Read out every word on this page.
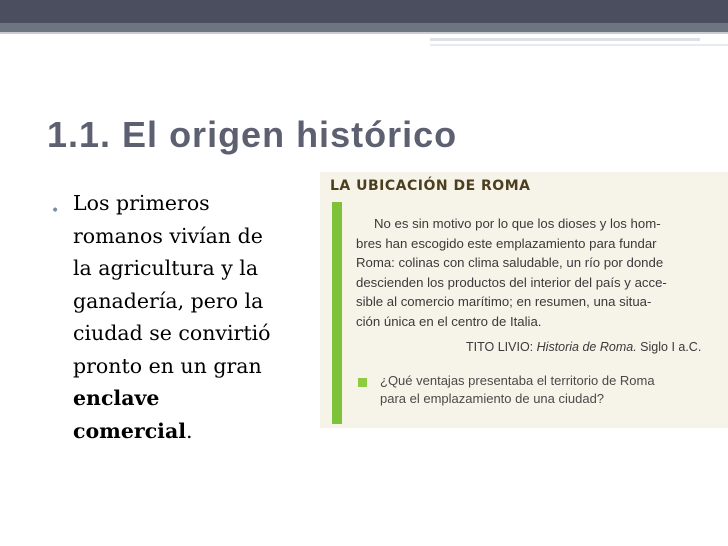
1.1. El origen histórico
• Los primeros
romanos vivían de
la agricultura y la
ganadería, pero la
ciudad se convirtió
pronto en un gran
enclave
comercial.
LA UBICACIÓN DE ROMA
No es sin motivo por lo que los dioses y los hom-
bres han escogido este emplazamiento para fundar
Roma: colinas con clima saludable, un río por donde
descienden los productos del interior del país y acce-
sible al comercio marítimo; en resumen, una situa-
ción única en el centro de Italia.
TITO LIVIO: Historia de Roma. Siglo I a.C.
¿Qué ventajas presentaba el territorio de Roma
para el emplazamiento de una ciudad?
